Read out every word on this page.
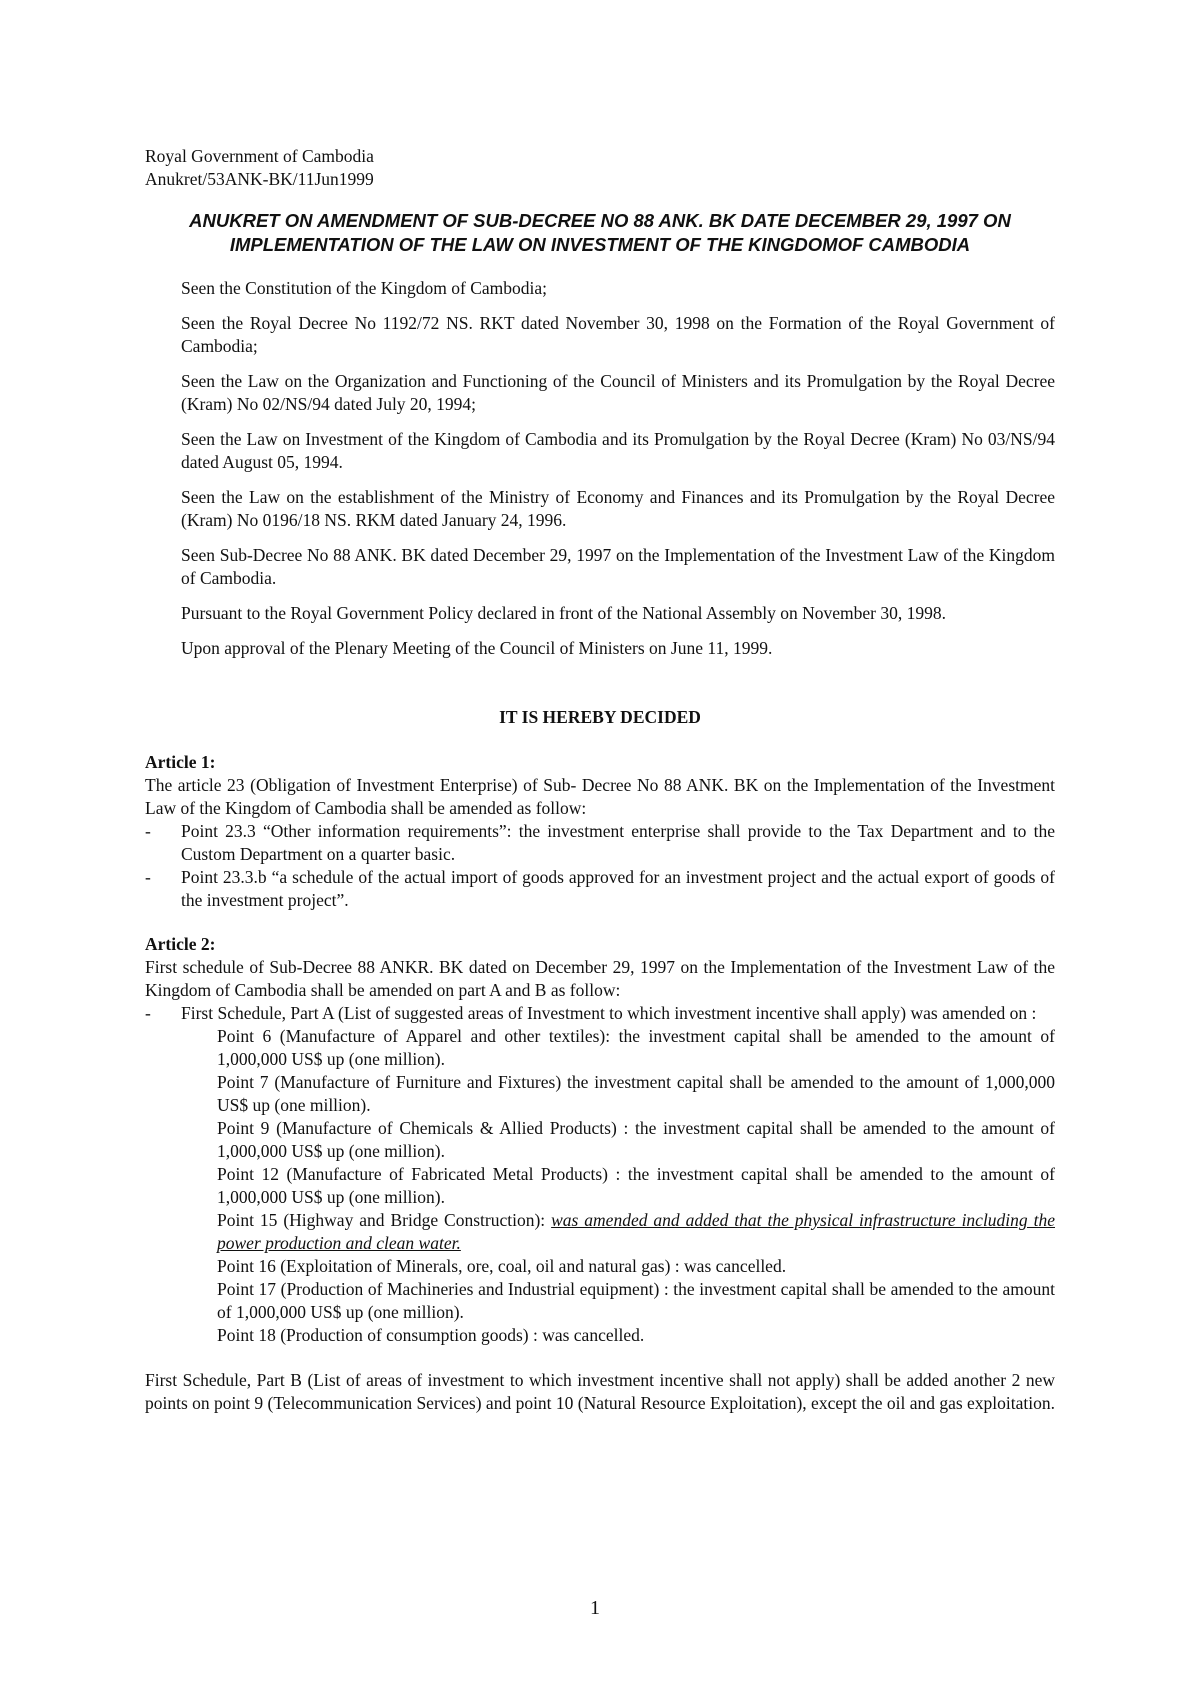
Royal Government of Cambodia

Anukret/53ANK-BK/11Jun1999

ANUKRET ON AMENDMENT OF SUB-DECREE NO 88 ANK. BK DATE DECEMBER 29, 1997 ON
IMPLEMENTATION OF THE LAW ON INVESTMENT OF THE KINGDOMOF CAMBODIA

Seen the Constitution of the Kingdom of Cambodia;

Seen the Royal Decree No 1192/72 NS. RKT dated November 30, 1998 on the Formation of the Royal Government of Cambodia;

Seen the Law on the Organization and Functioning of the Council of Ministers and its Promulgation by the Royal Decree (Kram) No 02/NS/94 dated July 20, 1994;

Seen the Law on Investment of the Kingdom of Cambodia and its Promulgation by the Royal Decree (Kram) No 03/NS/94 dated August 05, 1994.

Seen the Law on the establishment of the Ministry of Economy and Finances and its Promulgation by the Royal Decree (Kram) No 0196/18 NS. RKM dated January 24, 1996.

Seen Sub-Decree No 88 ANK. BK dated December 29, 1997 on the Implementation of the Investment Law of the Kingdom of Cambodia.

Pursuant to the Royal Government Policy declared in front of the National Assembly on November 30, 1998.

Upon approval of the Plenary Meeting of the Council of Ministers on June 11, 1999.

IT IS HEREBY DECIDED

Article 1:

The article 23 (Obligation of Investment Enterprise) of Sub- Decree No 88 ANK. BK on the Implementation of the Investment Law of the Kingdom of Cambodia shall be amended as follow:

- Point 23.3 “Other information requirements”: the investment enterprise shall provide to the Tax Department and to the Custom Department on a quarter basic.
- Point 23.3.b “a schedule of the actual import of goods approved for an investment project and the actual export of goods of the investment project”.

Article 2:

First schedule of Sub-Decree 88 ANKR. BK dated on December 29, 1997 on the Implementation of the Investment Law of the Kingdom of Cambodia shall be amended on part A and B as follow:

- First Schedule, Part A (List of suggested areas of Investment to which investment incentive shall apply) was amended on :

Point 6 (Manufacture of Apparel and other textiles): the investment capital shall be amended to the amount of 1,000,000 US$ up (one million).

Point 7 (Manufacture of Furniture and Fixtures) the investment capital shall be amended to the amount of 1,000,000 US$ up (one million).

Point 9 (Manufacture of Chemicals & Allied Products) : the investment capital shall be amended to the amount of 1,000,000 US$ up (one million).

Point 12 (Manufacture of Fabricated Metal Products) : the investment capital shall be amended to the amount of 1,000,000 US$ up (one million).

Point 15 (Highway and Bridge Construction): was amended and added that the physical infrastructure including the power production and clean water.

Point 16 (Exploitation of Minerals, ore, coal, oil and natural gas) : was cancelled.

Point 17 (Production of Machineries and Industrial equipment) : the investment capital shall be amended to the amount of 1,000,000 US$ up (one million).

Point 18 (Production of consumption goods) : was cancelled.

First Schedule, Part B (List of areas of investment to which investment incentive shall not apply) shall be added another 2 new points on point 9 (Telecommunication Services) and point 10 (Natural Resource Exploitation), except the oil and gas exploitation.

1
